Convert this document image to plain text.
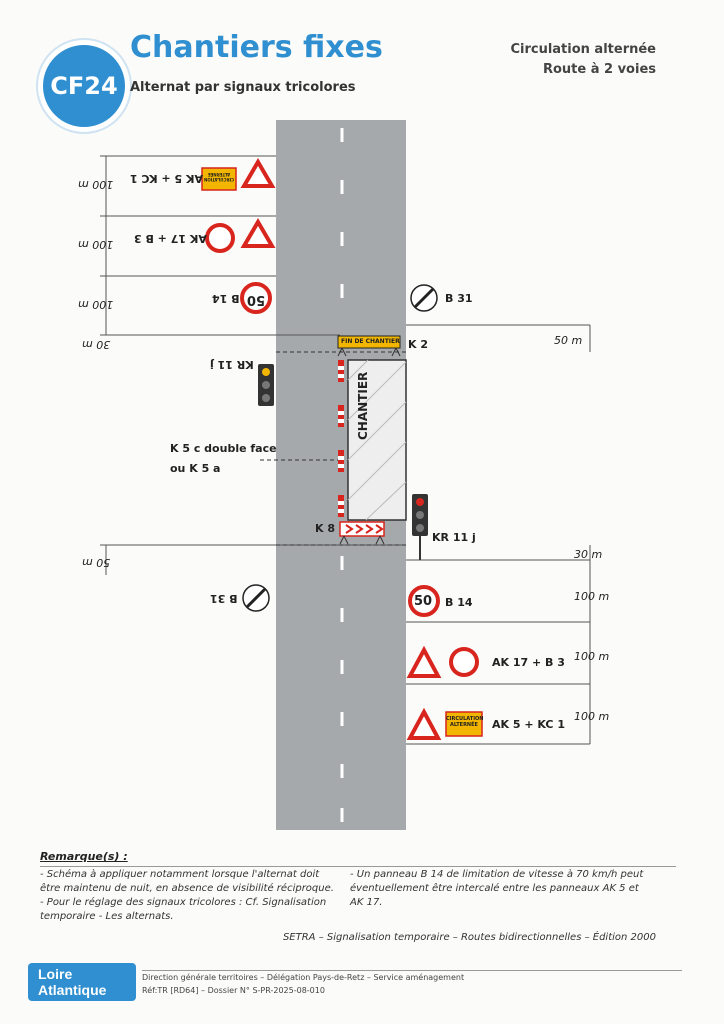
CF24
Chantiers fixes
Alternat par signaux tricolores
Circulation alternée
Route à 2 voies
CHANTIER
FIN DE CHANTIER
K 8
K 2
K 5 c double face
ou K 5 a
50
50
CIRCULATION ALTERNÉE
CIRCULATION ALTERNÉE
AK 5 + KC 1
AK 17 + B 3
B 14
KR 11 j
B 31
100 m
100 m
100 m
30 m
50 m
B 31
KR 11 j
B 14
AK 17 + B 3
AK 5 + KC 1
50 m
30 m
100 m
100 m
100 m
Remarque(s) :
- Schéma à appliquer notamment lorsque l'alternat doit être maintenu de nuit, en absence de visibilité réciproque. - Pour le réglage des signaux tricolores : Cf. Signalisation temporaire - Les alternats.
- Un panneau B 14 de limitation de vitesse à 70 km/h peut éventuellement être intercalé entre les panneaux AK 5 et AK 17.
SETRA – Signalisation temporaire – Routes bidirectionnelles – Édition 2000
Loire
Atlantique
Direction générale territoires – Délégation Pays-de-Retz – Service aménagement
Réf:TR [RD64] – Dossier N° S-PR-2025-08-010
